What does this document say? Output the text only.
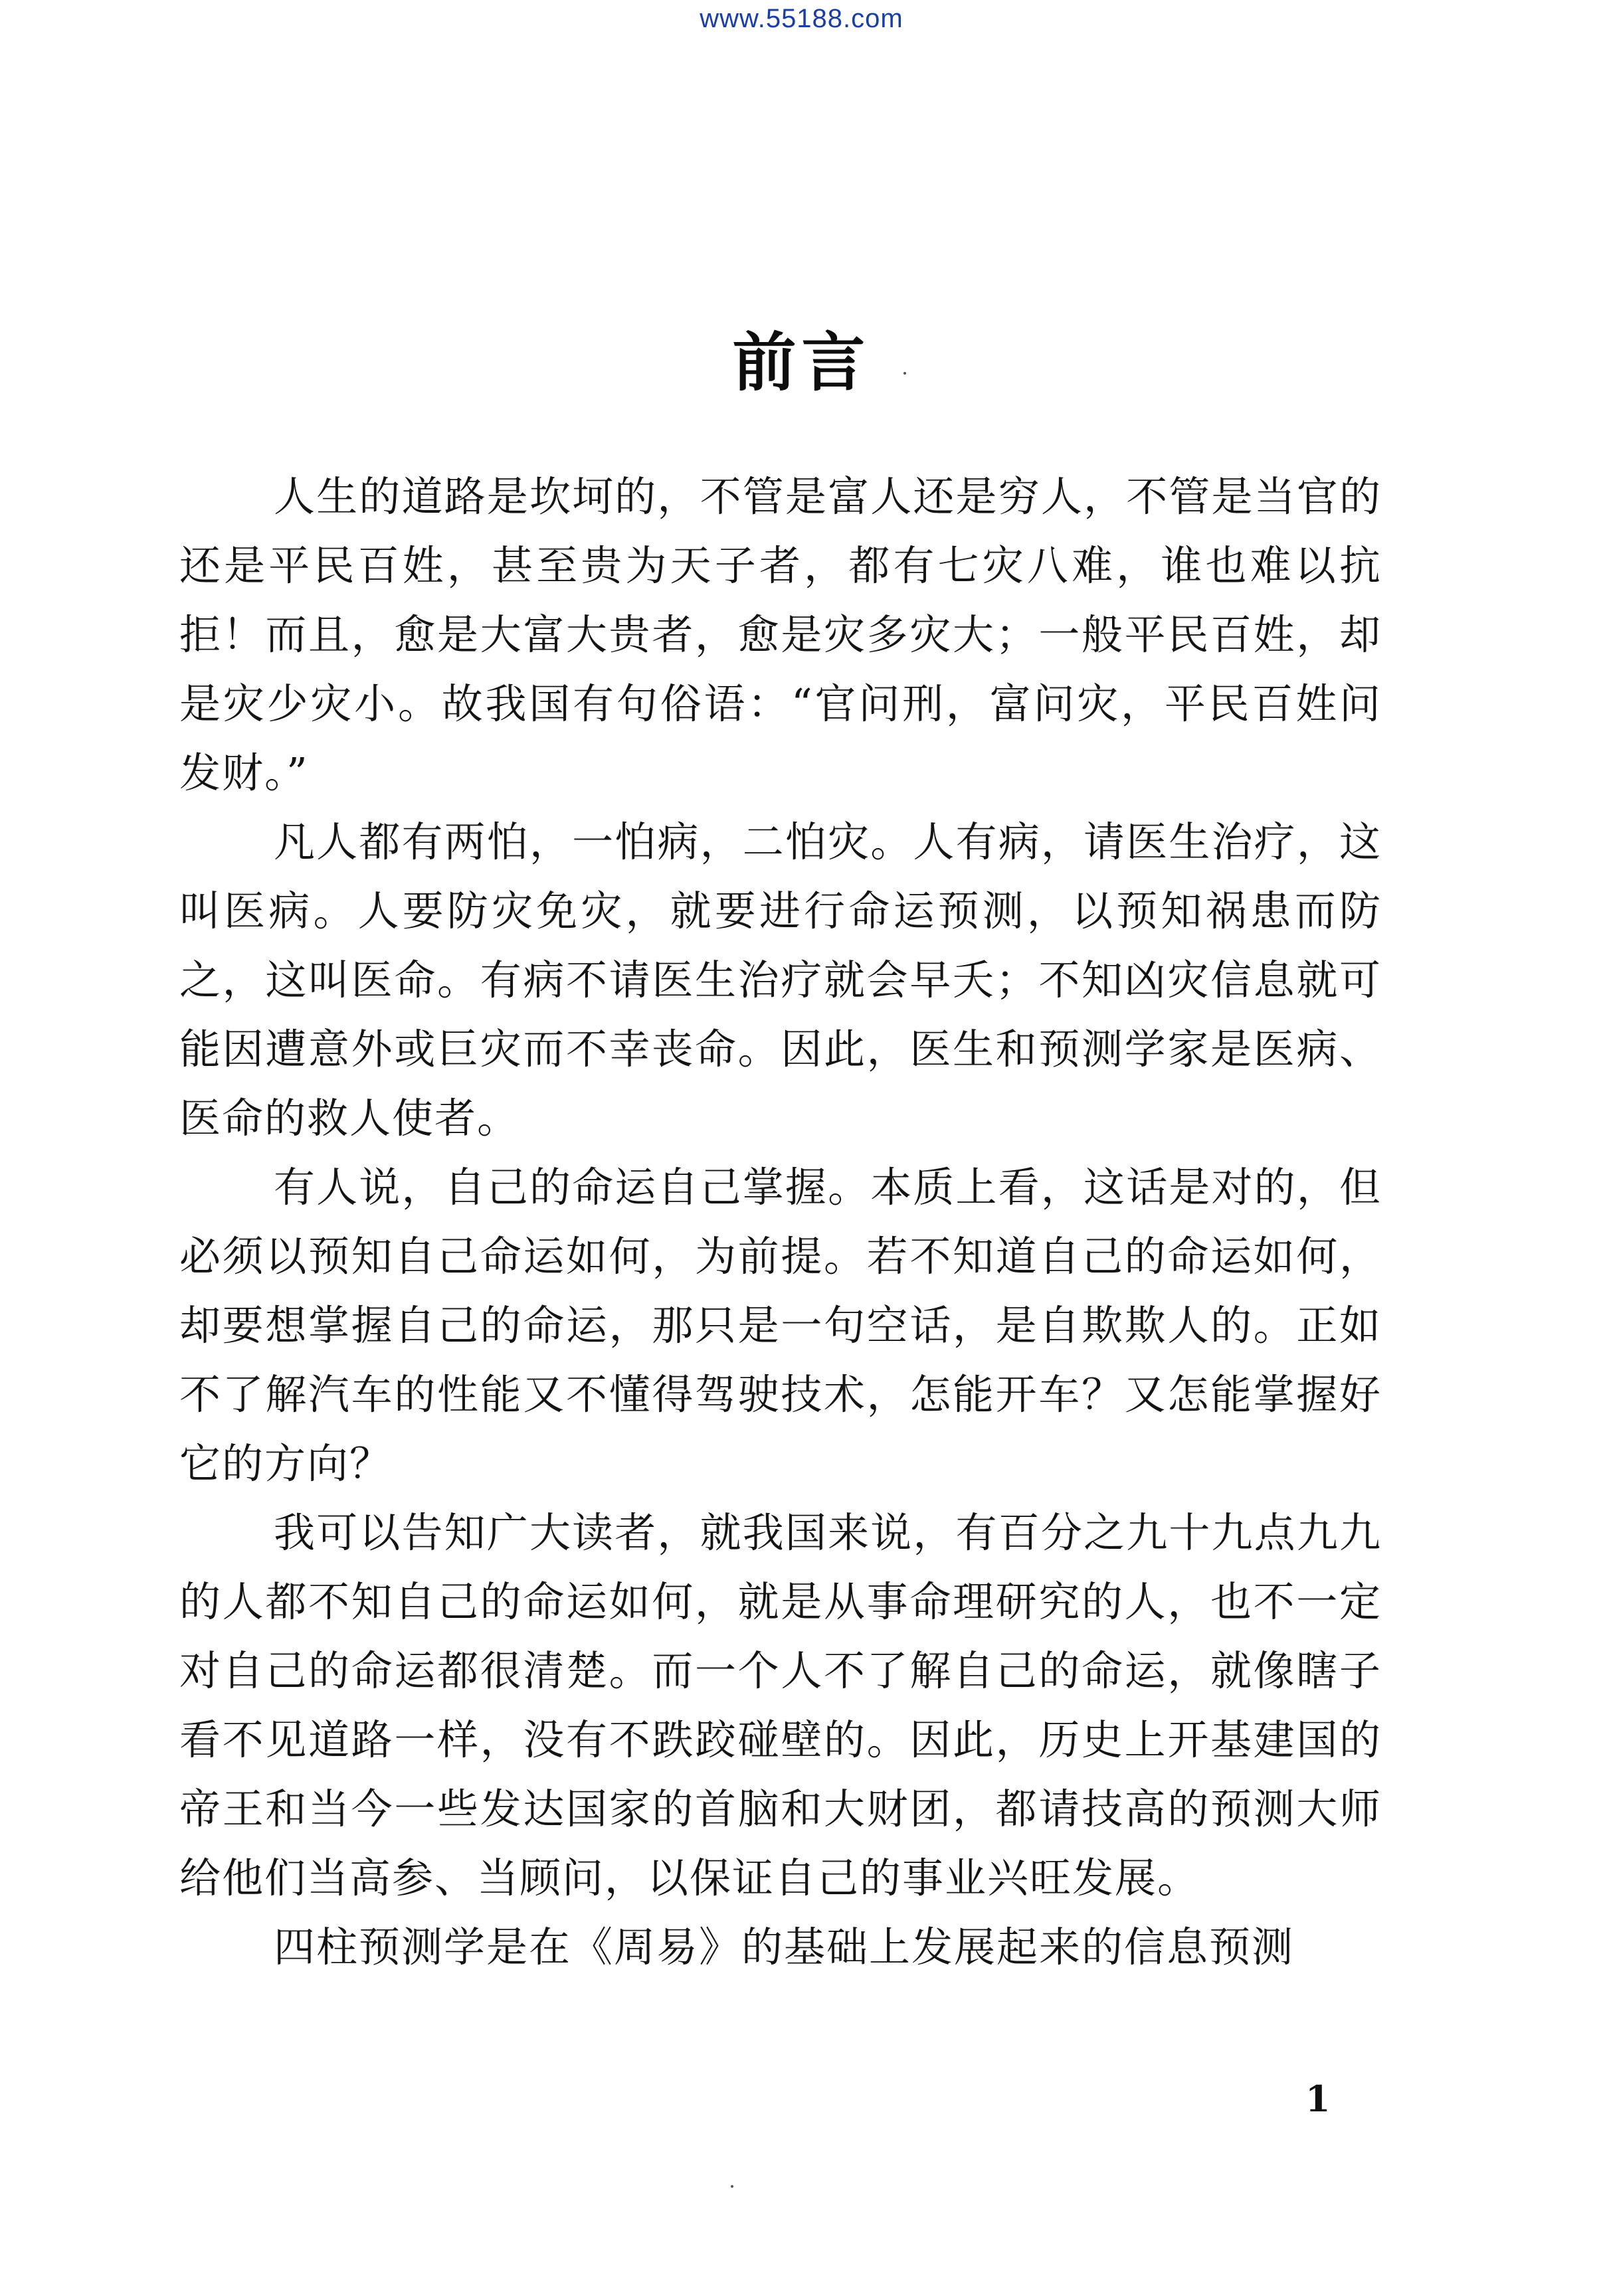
www.55188.com
前言

人生的道路是坎坷的，不管是富人还是穷人，不管是当官的还是平民百姓，甚至贵为天子者，都有七灾八难，谁也难以抗拒！而且，愈是大富大贵者，愈是灾多灾大；一般平民百姓，却是灾少灾小。故我国有句俗语：“官问刑，富问灾，平民百姓问发财。”

凡人都有两怕，一怕病，二怕灾。人有病，请医生治疗，这叫医病。人要防灾免灾，就要进行命运预测，以预知祸患而防之，这叫医命。有病不请医生治疗就会早夭；不知凶灾信息就可能因遭意外或巨灾而不幸丧命。因此，医生和预测学家是医病、医命的救人使者。

有人说，自己的命运自己掌握。本质上看，这话是对的，但必须以预知自己命运如何，为前提。若不知道自己的命运如何，却要想掌握自己的命运，那只是一句空话，是自欺欺人的。正如不了解汽车的性能又不懂得驾驶技术，怎能开车？又怎能掌握好它的方向？

我可以告知广大读者，就我国来说，有百分之九十九点九九的人都不知自己的命运如何，就是从事命理研究的人，也不一定对自己的命运都很清楚。而一个人不了解自己的命运，就像瞎子看不见道路一样，没有不跌跤碰壁的。因此，历史上开基建国的帝王和当今一些发达国家的首脑和大财团，都请技高的预测大师给他们当高参、当顾问，以保证自己的事业兴旺发展。

四柱预测学是在《周易》的基础上发展起来的信息预测

1
